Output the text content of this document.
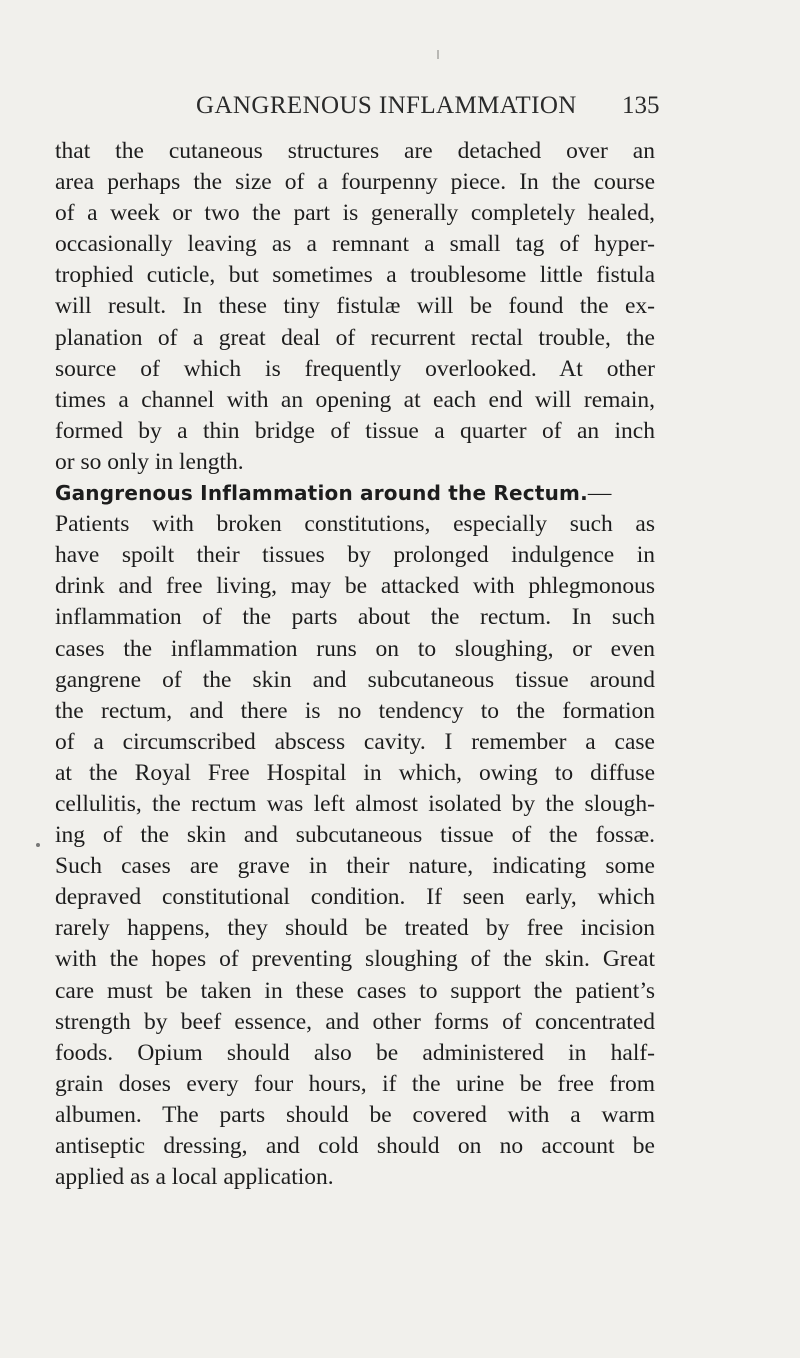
GANGRENOUS INFLAMMATION 135
that the cutaneous structures are detached over an
area perhaps the size of a fourpenny piece. In the course
of a week or two the part is generally completely healed,
occasionally leaving as a remnant a small tag of hyper-
trophied cuticle, but sometimes a troublesome little fistula
will result. In these tiny fistulæ will be found the ex-
planation of a great deal of recurrent rectal trouble, the
source of which is frequently overlooked. At other
times a channel with an opening at each end will remain,
formed by a thin bridge of tissue a quarter of an inch
or so only in length.
Gangrenous Inflammation around the Rectum.—
Patients with broken constitutions, especially such as
have spoilt their tissues by prolonged indulgence in
drink and free living, may be attacked with phlegmonous
inflammation of the parts about the rectum. In such
cases the inflammation runs on to sloughing, or even
gangrene of the skin and subcutaneous tissue around
the rectum, and there is no tendency to the formation
of a circumscribed abscess cavity. I remember a case
at the Royal Free Hospital in which, owing to diffuse
cellulitis, the rectum was left almost isolated by the slough-
ing of the skin and subcutaneous tissue of the fossæ.
Such cases are grave in their nature, indicating some
depraved constitutional condition. If seen early, which
rarely happens, they should be treated by free incision
with the hopes of preventing sloughing of the skin. Great
care must be taken in these cases to support the patient’s
strength by beef essence, and other forms of concentrated
foods. Opium should also be administered in half-
grain doses every four hours, if the urine be free from
albumen. The parts should be covered with a warm
antiseptic dressing, and cold should on no account be
applied as a local application.
